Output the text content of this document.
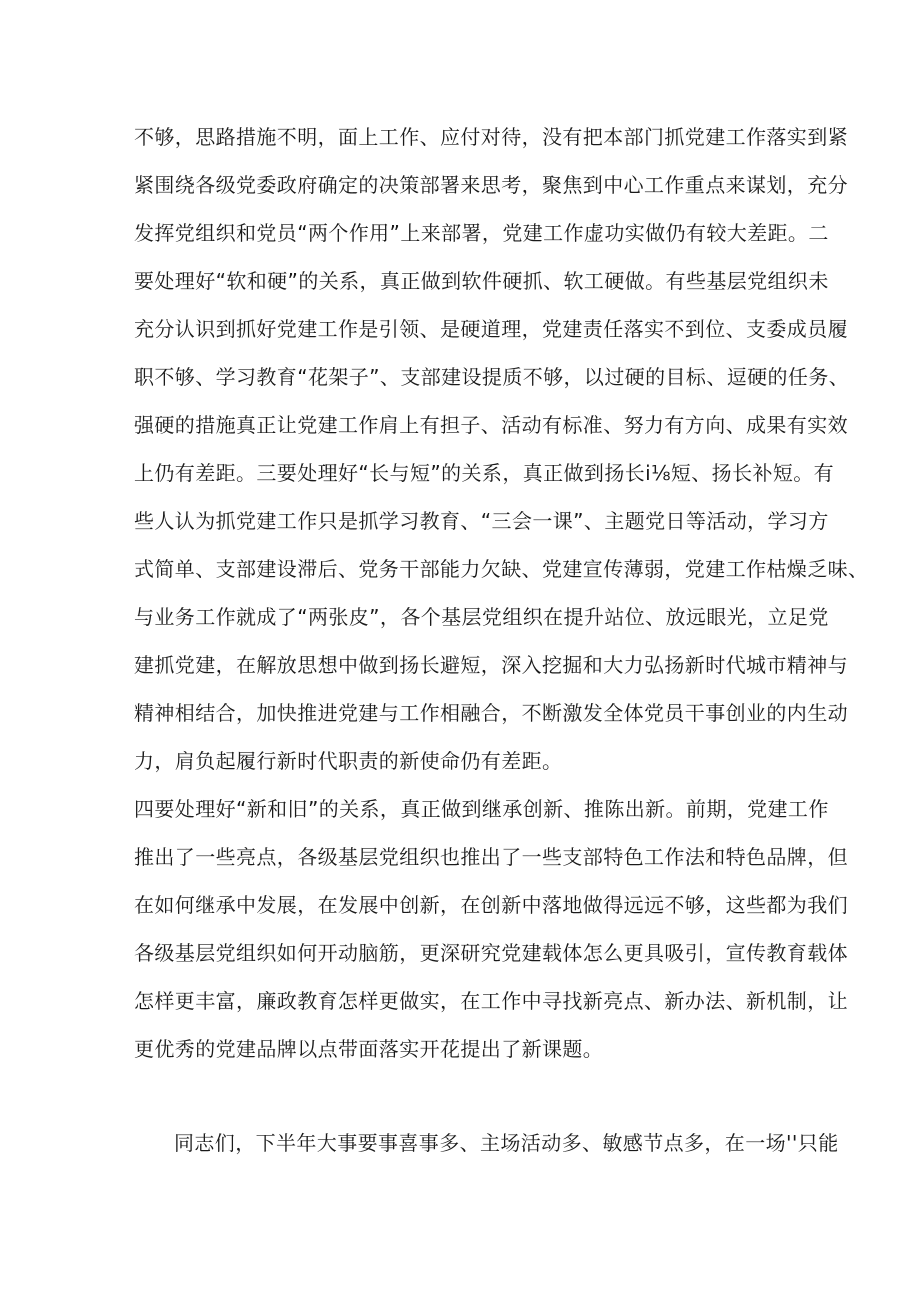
不够，思路措施不明，面上工作、应付对待，没有把本部门抓党建工作落实到紧
紧围绕各级党委政府确定的决策部署来思考，聚焦到中心工作重点来谋划，充分
发挥党组织和党员“两个作用”上来部署，党建工作虚功实做仍有较大差距。二
要处理好“软和硬”的关系，真正做到软件硬抓、软工硬做。有些基层党组织未
充分认识到抓好党建工作是引领、是硬道理，党建责任落实不到位、支委成员履
职不够、学习教育“花架子”、支部建设提质不够，以过硬的目标、逗硬的任务、
强硬的措施真正让党建工作肩上有担子、活动有标准、努力有方向、成果有实效
上仍有差距。三要处理好“长与短”的关系，真正做到扬长i⅛短、扬长补短。有
些人认为抓党建工作只是抓学习教育、“三会一课”、主题党日等活动，学习方
式简单、支部建设滞后、党务干部能力欠缺、党建宣传薄弱，党建工作枯燥乏味、
与业务工作就成了“两张皮”，各个基层党组织在提升站位、放远眼光，立足党
建抓党建，在解放思想中做到扬长避短，深入挖掘和大力弘扬新时代城市精神与
精神相结合，加快推进党建与工作相融合，不断激发全体党员干事创业的内生动
力，肩负起履行新时代职责的新使命仍有差距。
四要处理好“新和旧”的关系，真正做到继承创新、推陈出新。前期，党建工作
推出了一些亮点，各级基层党组织也推出了一些支部特色工作法和特色品牌，但
在如何继承中发展，在发展中创新，在创新中落地做得远远不够，这些都为我们
各级基层党组织如何开动脑筋，更深研究党建载体怎么更具吸引，宣传教育载体
怎样更丰富，廉政教育怎样更做实，在工作中寻找新亮点、新办法、新机制，让
更优秀的党建品牌以点带面落实开花提出了新课题。
同志们，下半年大事要事喜事多、主场活动多、敏感节点多，在一场''只能
